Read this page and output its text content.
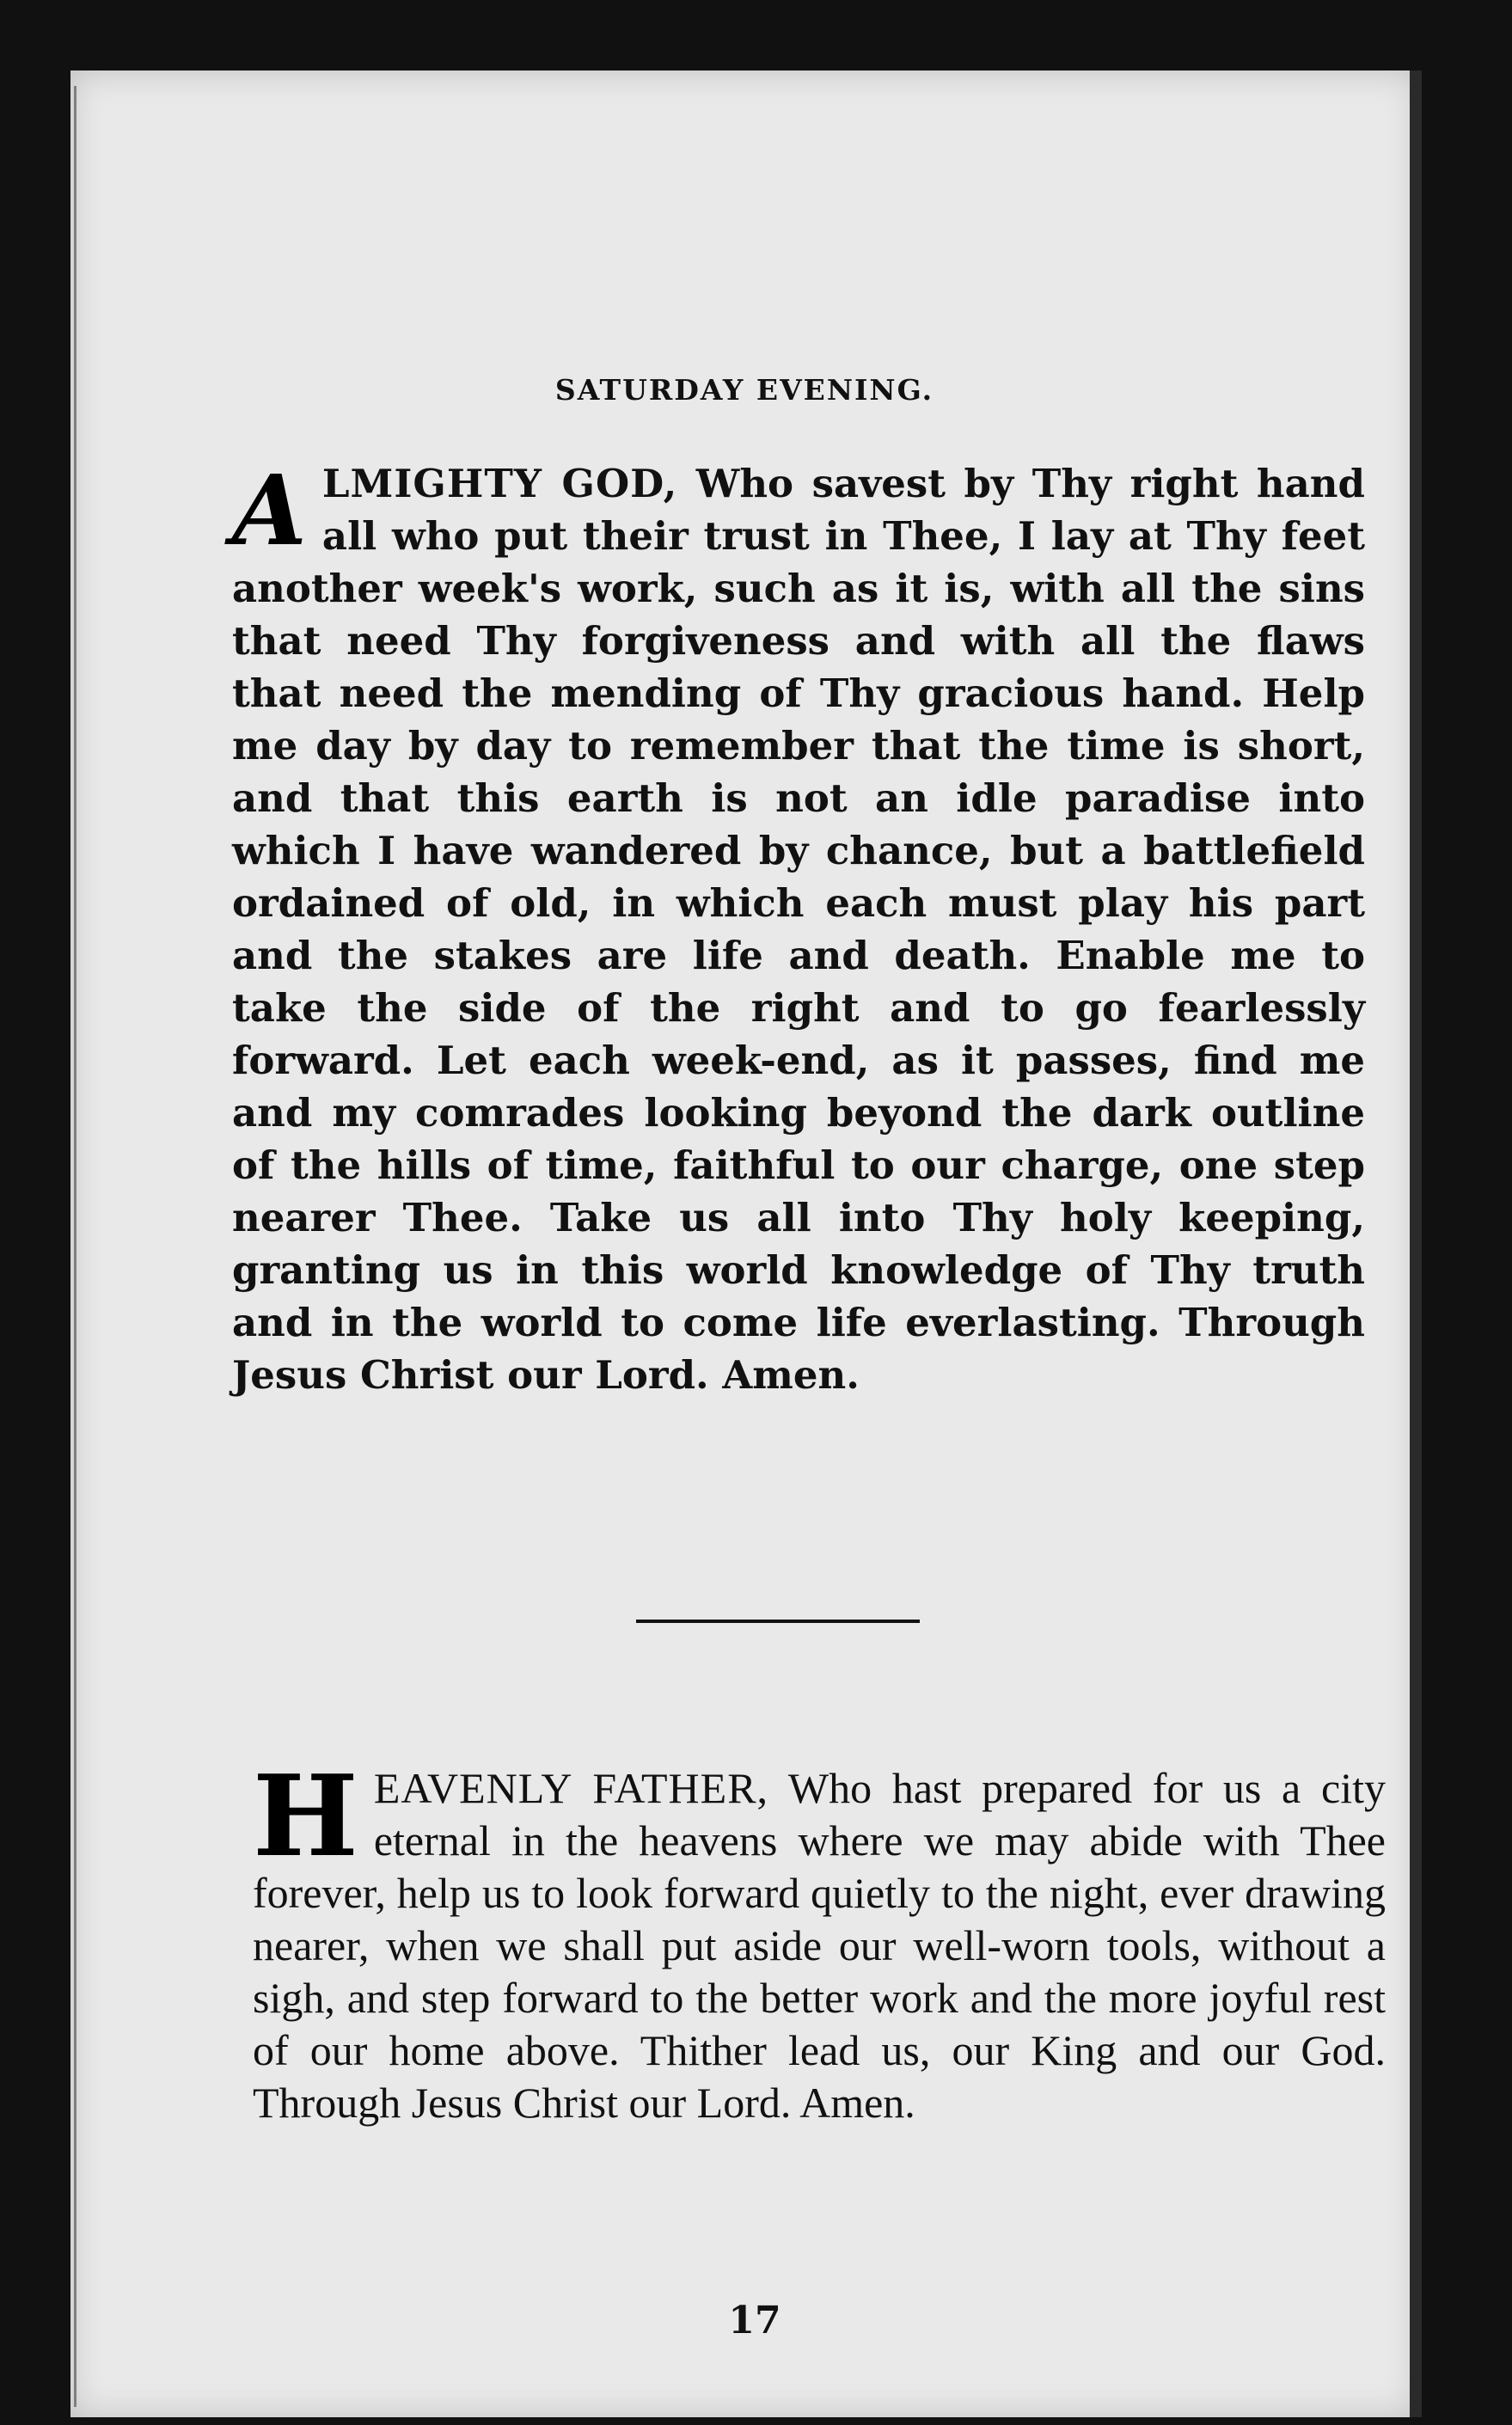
SATURDAY EVENING.
ALMIGHTY GOD, Who savest by Thy right hand all who put their trust in Thee, I lay at Thy feet another week's work, such as it is, with all the sins that need Thy forgiveness and with all the flaws that need the mending of Thy gracious hand. Help me day by day to remember that the time is short, and that this earth is not an idle paradise into which I have wandered by chance, but a battlefield ordained of old, in which each must play his part and the stakes are life and death. Enable me to take the side of the right and to go fearlessly forward. Let each week-end, as it passes, find me and my comrades looking beyond the dark outline of the hills of time, faithful to our charge, one step nearer Thee. Take us all into Thy holy keeping, granting us in this world knowledge of Thy truth and in the world to come life everlasting. Through Jesus Christ our Lord. Amen.
HEAVENLY FATHER, Who hast prepared for us a city eternal in the heavens where we may abide with Thee forever, help us to look forward quietly to the night, ever drawing nearer, when we shall put aside our well-worn tools, without a sigh, and step forward to the better work and the more joyful rest of our home above. Thither lead us, our King and our God. Through Jesus Christ our Lord. Amen.
17
